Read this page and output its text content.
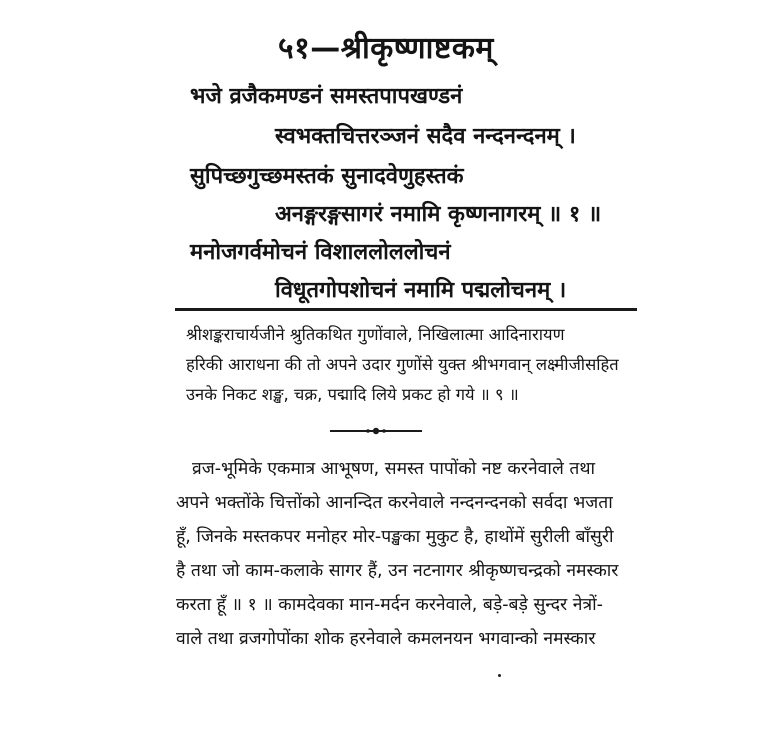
५१—श्रीकृष्णाष्टकम्
भजे व्रजैकमण्डनं समस्तपापखण्डनं
स्वभक्तचित्तरञ्जनं सदैव नन्दनन्दनम् ।
सुपिच्छगुच्छमस्तकं सुनादवेणुहस्तकं
अनङ्गरङ्गसागरं नमामि कृष्णनागरम् ॥ १ ॥
मनोजगर्वमोचनं विशाललोललोचनं
विधूतगोपशोचनं नमामि पद्मलोचनम् ।
श्रीशङ्कराचार्यजीने श्रुतिकथित गुणोंवाले, निखिलात्मा आदिनारायण
हरिकी आराधना की तो अपने उदार गुणोंसे युक्त श्रीभगवान् लक्ष्मीजीसहित
उनके निकट शङ्ख, चक्र, पद्मादि लिये प्रकट हो गये ॥ ९ ॥
व्रज-भूमिके एकमात्र आभूषण, समस्त पापोंको नष्ट करनेवाले तथा
अपने भक्तोंके चित्तोंको आनन्दित करनेवाले नन्दनन्दनको सर्वदा भजता
हूँ, जिनके मस्तकपर मनोहर मोर-पङ्खका मुकुट है, हाथोंमें सुरीली बाँसुरी
है तथा जो काम-कलाके सागर हैं, उन नटनागर श्रीकृष्णचन्द्रको नमस्कार
करता हूँ ॥ १ ॥ कामदेवका मान-मर्दन करनेवाले, बड़े-बड़े सुन्दर नेत्रों-
वाले तथा व्रजगोपोंका शोक हरनेवाले कमलनयन भगवान्को नमस्कार
